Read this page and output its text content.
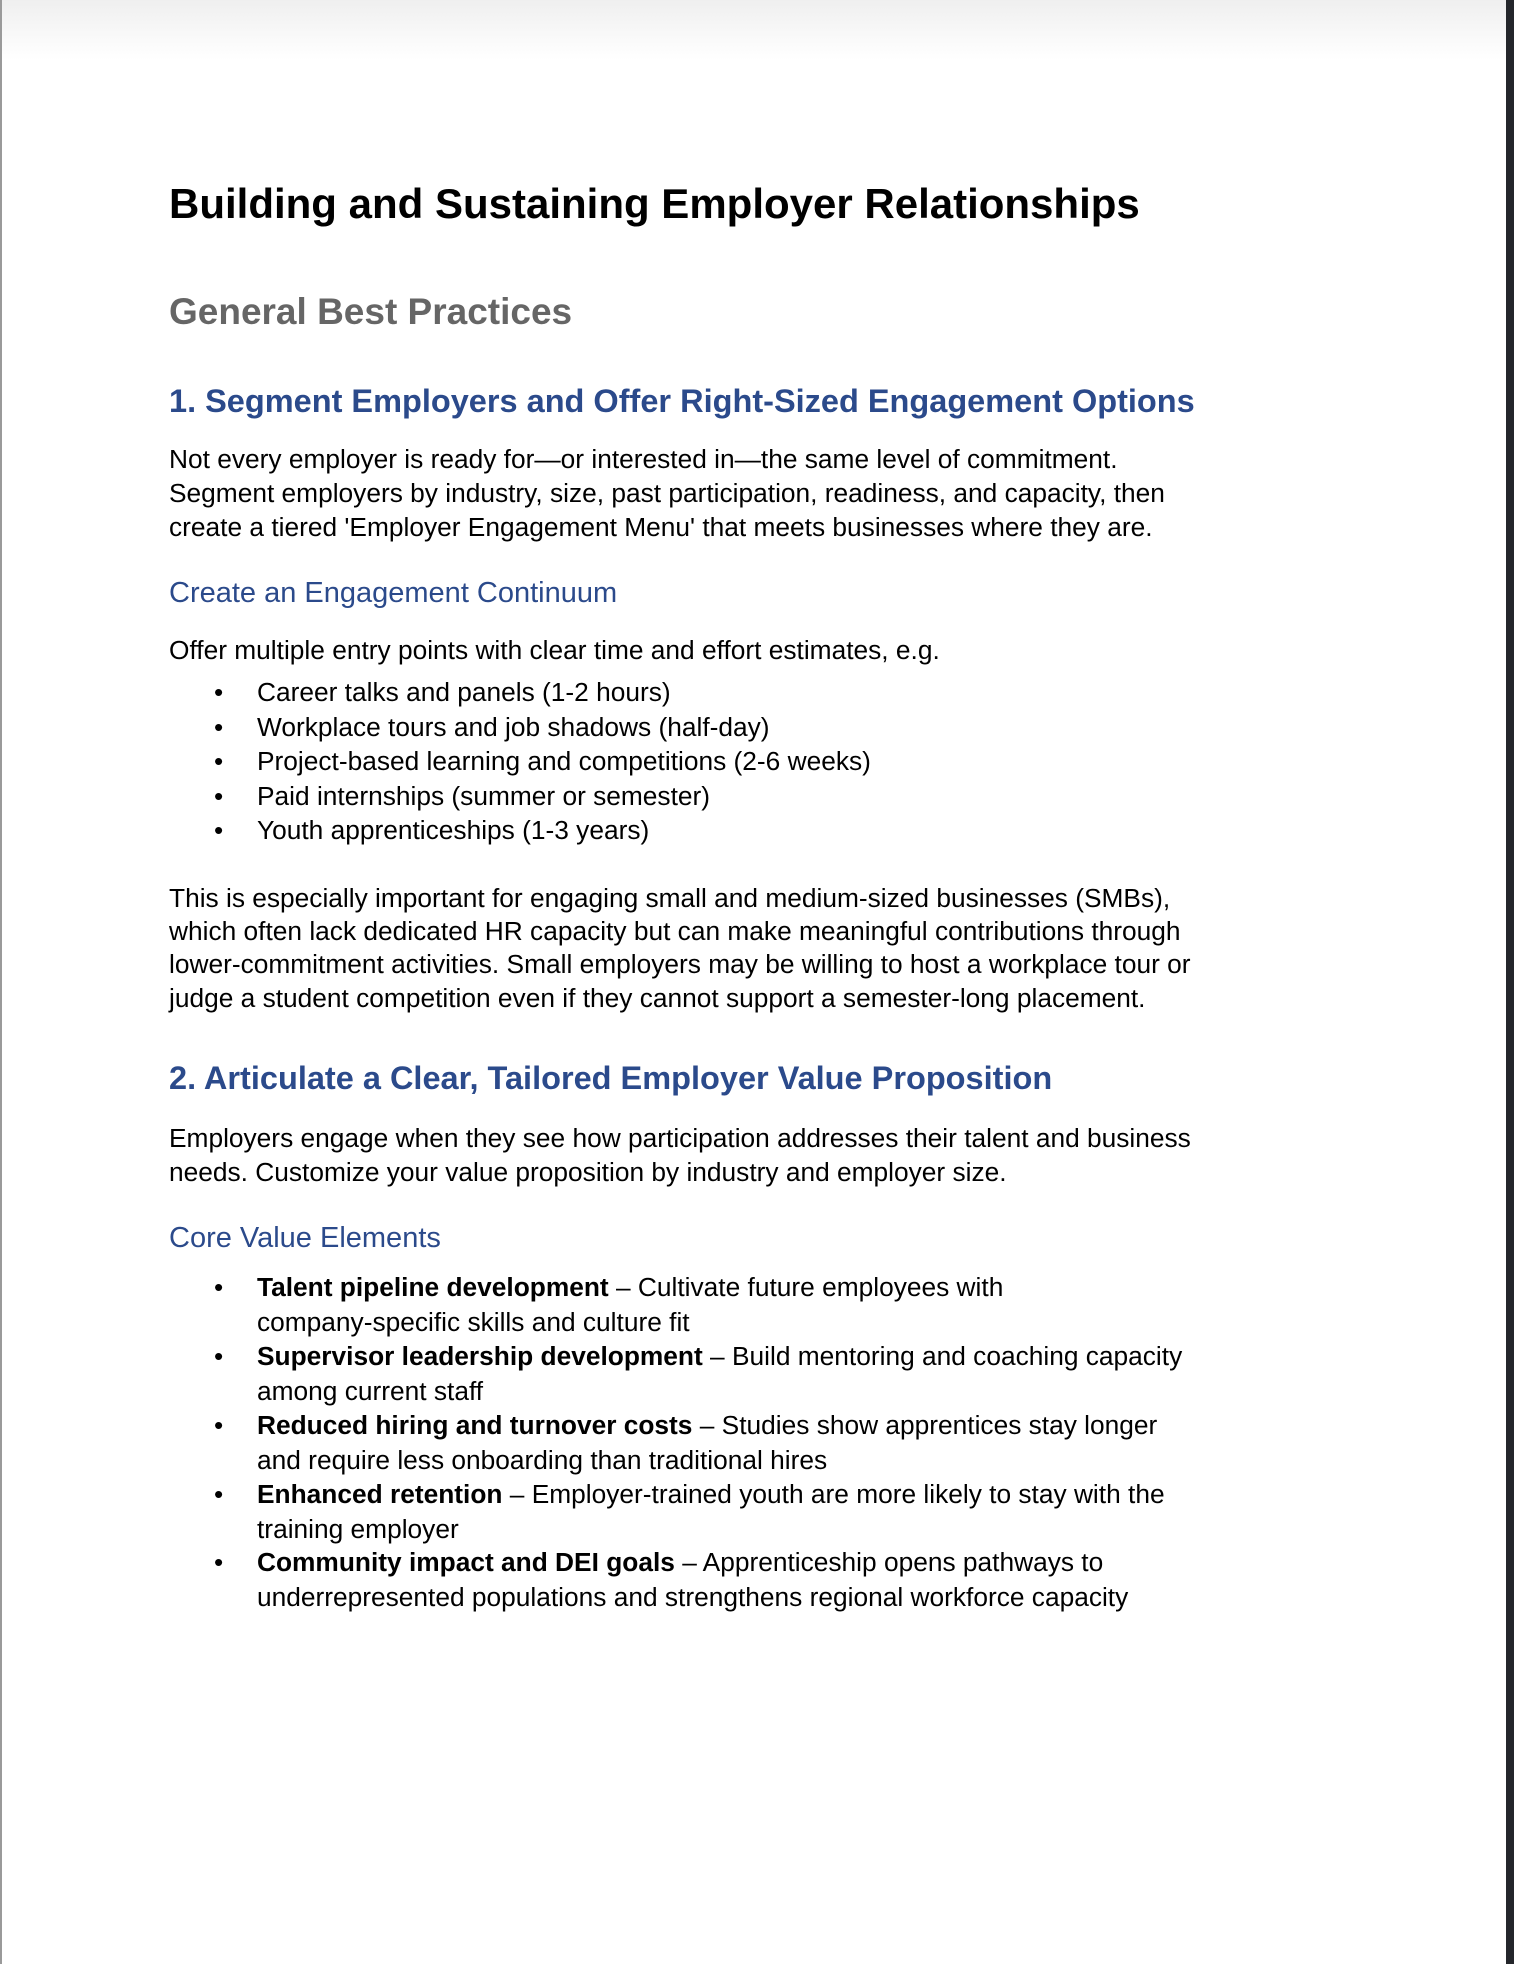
Building and Sustaining Employer Relationships
General Best Practices
1. Segment Employers and Offer Right-Sized Engagement Options
Not every employer is ready for—or interested in—the same level of commitment.
Segment employers by industry, size, past participation, readiness, and capacity, then
create a tiered 'Employer Engagement Menu' that meets businesses where they are.
Create an Engagement Continuum
Offer multiple entry points with clear time and effort estimates, e.g.
• Career talks and panels (1-2 hours)
• Workplace tours and job shadows (half-day)
• Project-based learning and competitions (2-6 weeks)
• Paid internships (summer or semester)
• Youth apprenticeships (1-3 years)
This is especially important for engaging small and medium-sized businesses (SMBs),
which often lack dedicated HR capacity but can make meaningful contributions through
lower-commitment activities. Small employers may be willing to host a workplace tour or
judge a student competition even if they cannot support a semester-long placement.
2. Articulate a Clear, Tailored Employer Value Proposition
Employers engage when they see how participation addresses their talent and business
needs. Customize your value proposition by industry and employer size.
Core Value Elements
• Talent pipeline development – Cultivate future employees with
company-specific skills and culture fit
• Supervisor leadership development – Build mentoring and coaching capacity
among current staff
• Reduced hiring and turnover costs – Studies show apprentices stay longer
and require less onboarding than traditional hires
• Enhanced retention – Employer-trained youth are more likely to stay with the
training employer
• Community impact and DEI goals – Apprenticeship opens pathways to
underrepresented populations and strengthens regional workforce capacity
